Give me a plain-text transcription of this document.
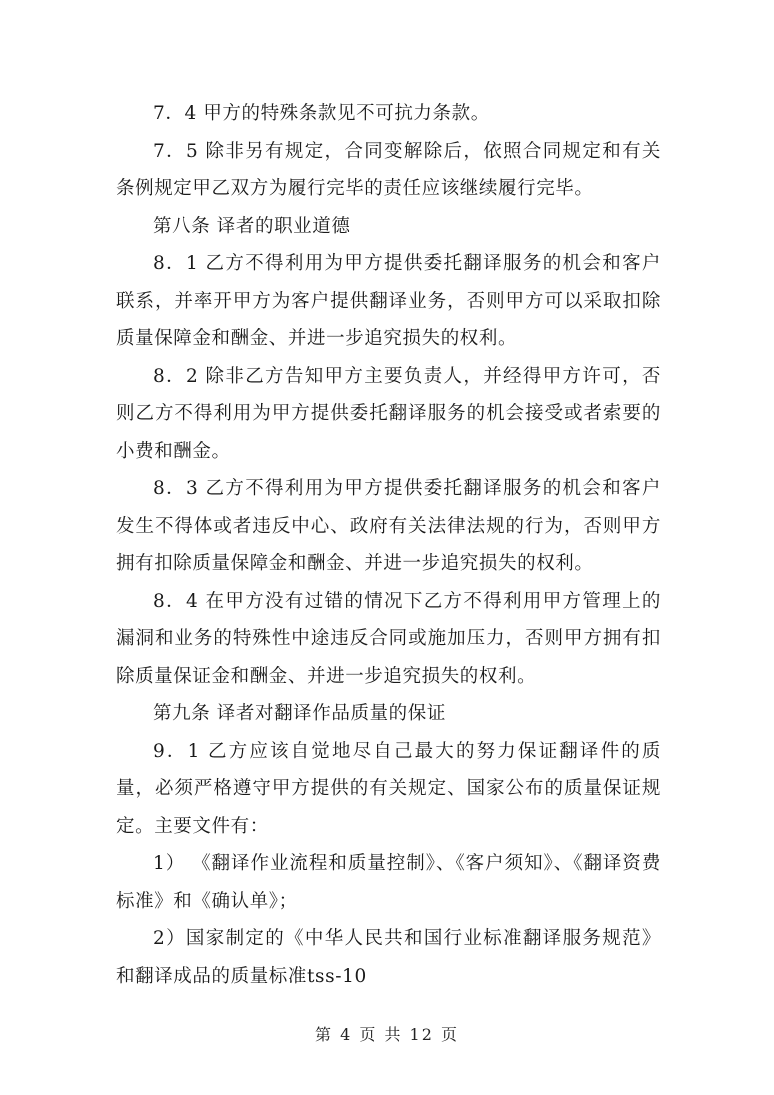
7．4 甲方的特殊条款见不可抗力条款。

7．5 除非另有规定，合同变解除后，依照合同规定和有关条例规定甲乙双方为履行完毕的责任应该继续履行完毕。

第八条 译者的职业道德

8．1 乙方不得利用为甲方提供委托翻译服务的机会和客户联系，并率开甲方为客户提供翻译业务，否则甲方可以采取扣除质量保障金和酬金、并进一步追究损失的权利。

8．2 除非乙方告知甲方主要负责人，并经得甲方许可，否则乙方不得利用为甲方提供委托翻译服务的机会接受或者索要的小费和酬金。

8．3 乙方不得利用为甲方提供委托翻译服务的机会和客户发生不得体或者违反中心、政府有关法律法规的行为，否则甲方拥有扣除质量保障金和酬金、并进一步追究损失的权利。

8．4 在甲方没有过错的情况下乙方不得利用甲方管理上的漏洞和业务的特殊性中途违反合同或施加压力，否则甲方拥有扣除质量保证金和酬金、并进一步追究损失的权利。

第九条 译者对翻译作品质量的保证

9．1 乙方应该自觉地尽自己最大的努力保证翻译件的质量，必须严格遵守甲方提供的有关规定、国家公布的质量保证规定。主要文件有：

1） 《翻译作业流程和质量控制》、《客户须知》、《翻译资费标准》和《确认单》；

2）国家制定的《中华人民共和国行业标准翻译服务规范》和翻译成品的质量标准tss-10

第 4 页 共 12 页
